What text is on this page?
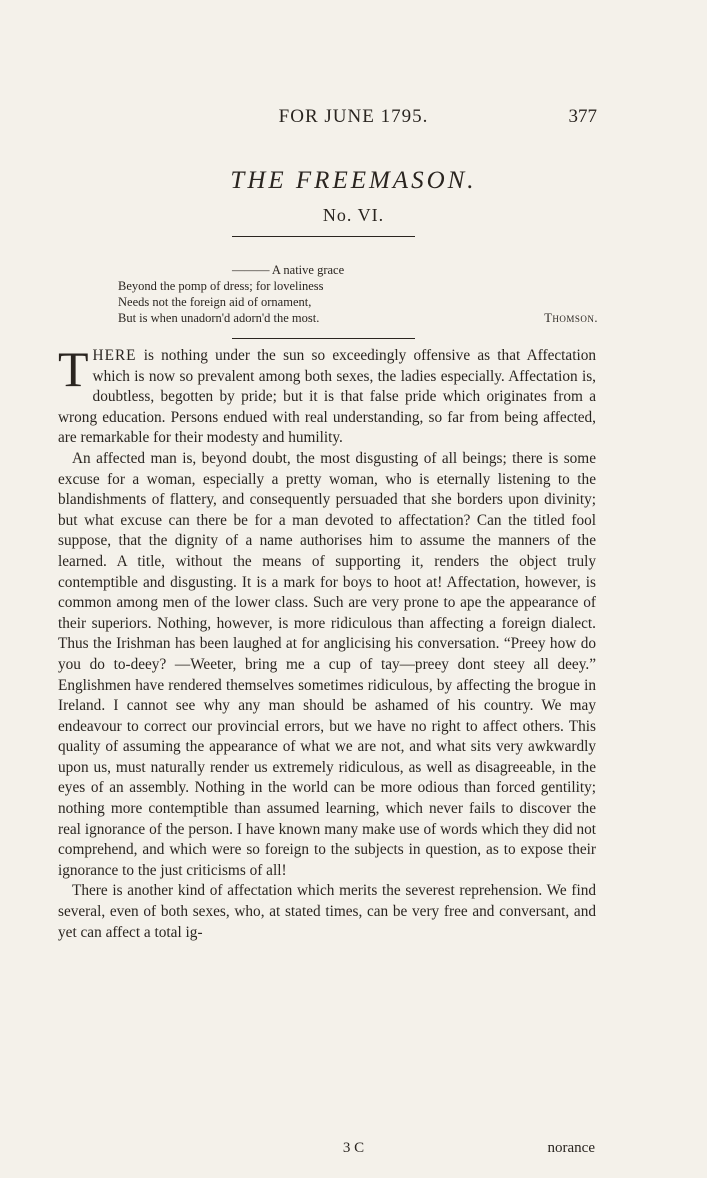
FOR JUNE 1795.	377
THE FREEMASON.
No. VI.
——— A native grace
Beyond the pomp of dress; for loveliness
Needs not the foreign aid of ornament,
But is when unadorn'd adorn'd the most.	Thomson.

THERE is nothing under the sun so exceedingly offensive as that Affectation which is now so prevalent among both sexes, the ladies especially. Affectation is, doubtless, begotten by pride; but it is that false pride which originates from a wrong education. Persons endued with real understanding, so far from being affected, are remarkable for their modesty and humility.

An affected man is, beyond doubt, the most disgusting of all beings; there is some excuse for a woman, especially a pretty woman, who is eternally listening to the blandishments of flattery, and consequently persuaded that she borders upon divinity; but what excuse can there be for a man devoted to affectation? Can the titled fool suppose, that the dignity of a name authorises him to assume the manners of the learned. A title, without the means of supporting it, renders the object truly contemptible and disgusting. It is a mark for boys to hoot at! Affectation, however, is common among men of the lower class. Such are very prone to ape the appearance of their superiors. Nothing, however, is more ridiculous than affecting a foreign dialect. Thus the Irishman has been laughed at for anglicising his conversation. “Preey how do you do to-deey? —Weeter, bring me a cup of tay—preey dont steey all deey.” Englishmen have rendered themselves sometimes ridiculous, by affecting the brogue in Ireland. I cannot see why any man should be ashamed of his country. We may endeavour to correct our provincial errors, but we have no right to affect others. This quality of assuming the appearance of what we are not, and what sits very awkwardly upon us, must naturally render us extremely ridiculous, as well as disagreeable, in the eyes of an assembly. Nothing in the world can be more odious than forced gentility; nothing more contemptible than assumed learning, which never fails to discover the real ignorance of the person. I have known many make use of words which they did not comprehend, and which were so foreign to the subjects in question, as to expose their ignorance to the just criticisms of all!

There is another kind of affectation which merits the severest reprehension. We find several, even of both sexes, who, at stated times, can be very free and conversant, and yet can affect a total ig-

3 C	norance
